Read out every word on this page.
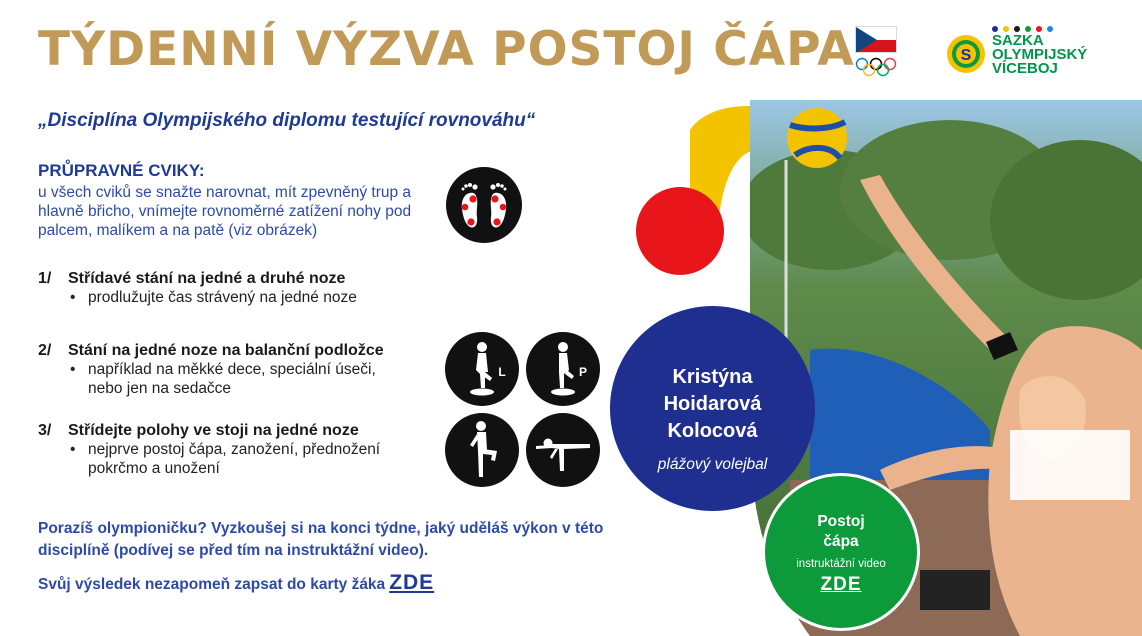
TÝDENNÍ VÝZVA POSTOJ ČÁPA	S
SAZKA
OLYMPIJSKÝ
VÍCEBOJ
„Disciplína Olympijského diplomu testující rovnováhu“
PRŮPRAVNÉ CVIKY:
u všech cviků se snažte narovnat, mít zpevněný trup a hlavně břicho, vnímejte rovnoměrné zatížení nohy pod palcem, malíkem a na patě (viz obrázek)
1/ Střídavé stání na jedné a druhé noze
• prodlužujte čas strávený na jedné noze
2/ Stání na jedné noze na balanční podložce
• například na měkké dece, speciální úseči, nebo jen na sedačce
3/ Střídejte polohy ve stoji na jedné noze
• nejprve postoj čápa, zanožení, přednožení pokrčmo a unožení
L	P
Porazíš olympioničku? Vyzkoušej si na konci týdne, jaký uděláš výkon v této disciplíně (podívej se před tím na instruktážní video).
Svůj výsledek nezapomeň zapsat do karty žáka ZDE
Kristýna
Hoidarová
Kolocová
plážový volejbal
Postoj
čápa
instruktážní video
ZDE
